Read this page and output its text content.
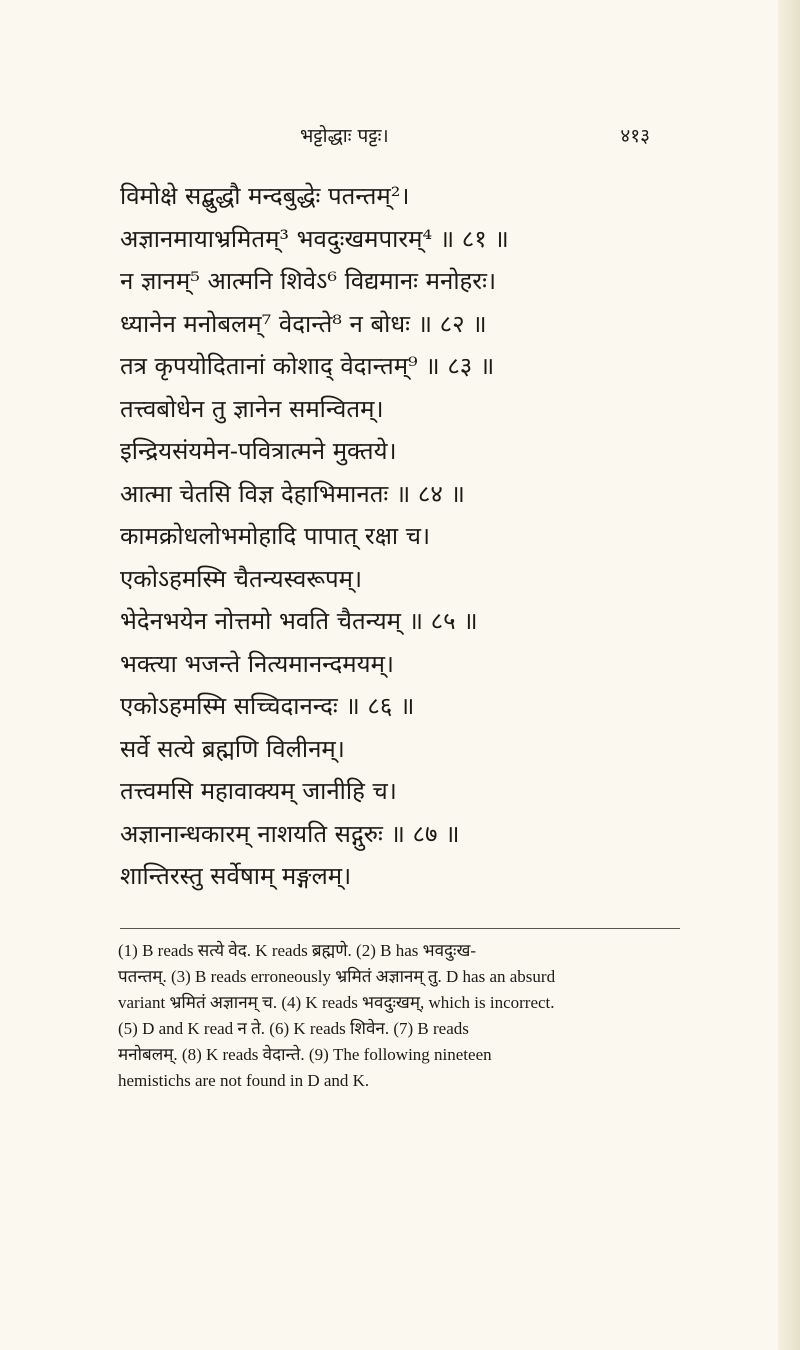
भट्टोद्धाः पट्टः।	४१३
विमोक्षे सद्बुद्धौ मन्दबुद्धेः पतन्तम्²।
अज्ञानमायाभ्रमितम्³ भवदुःखमपारम्⁴ ॥ ८१ ॥
न ज्ञानम्⁵ आत्मनि शिवेऽ⁶ विद्यमानः मनोहरः।
ध्यानेन मनोबलम्⁷ वेदान्ते⁸ न बोधः ॥ ८२ ॥
तत्र कृपयोदितानां कोशाद् वेदान्तम्⁹ ॥ ८३ ॥
तत्त्वबोधेन तु ज्ञानेन समन्वितम्।
इन्द्रियसंयमेन-पवित्रात्मने मुक्तये।
आत्मा चेतसि विज्ञ देहाभिमानतः ॥ ८४ ॥
कामक्रोधलोभमोहादि पापात् रक्षा च।
एकोऽहमस्मि चैतन्यस्वरूपम्।
भेदेनभयेन नोत्तमो भवति चैतन्यम् ॥ ८५ ॥
भक्त्या भजन्ते नित्यमानन्दमयम्।
एकोऽहमस्मि सच्चिदानन्दः ॥ ८६ ॥
सर्वे सत्ये ब्रह्मणि विलीनम्।
तत्त्वमसि महावाक्यम् जानीहि च।
अज्ञानान्धकारम् नाशयति सद्गुरुः ॥ ८७ ॥
शान्तिरस्तु सर्वेषाम् मङ्गलम्।
(1) B reads सत्ये वेद. K reads ब्रह्मणे. (2) B has भवदुःख-
पतन्तम्. (3) B reads erroneously भ्रमितं अज्ञानम् तु. D has an absurd
variant भ्रमितं अज्ञानम् च. (4) K reads भवदुःखम्, which is incorrect.
(5) D and K read न ते. (6) K reads शिवेन. (7) B reads
मनोबलम्. (8) K reads वेदान्ते. (9) The following nineteen
hemistichs are not found in D and K.
